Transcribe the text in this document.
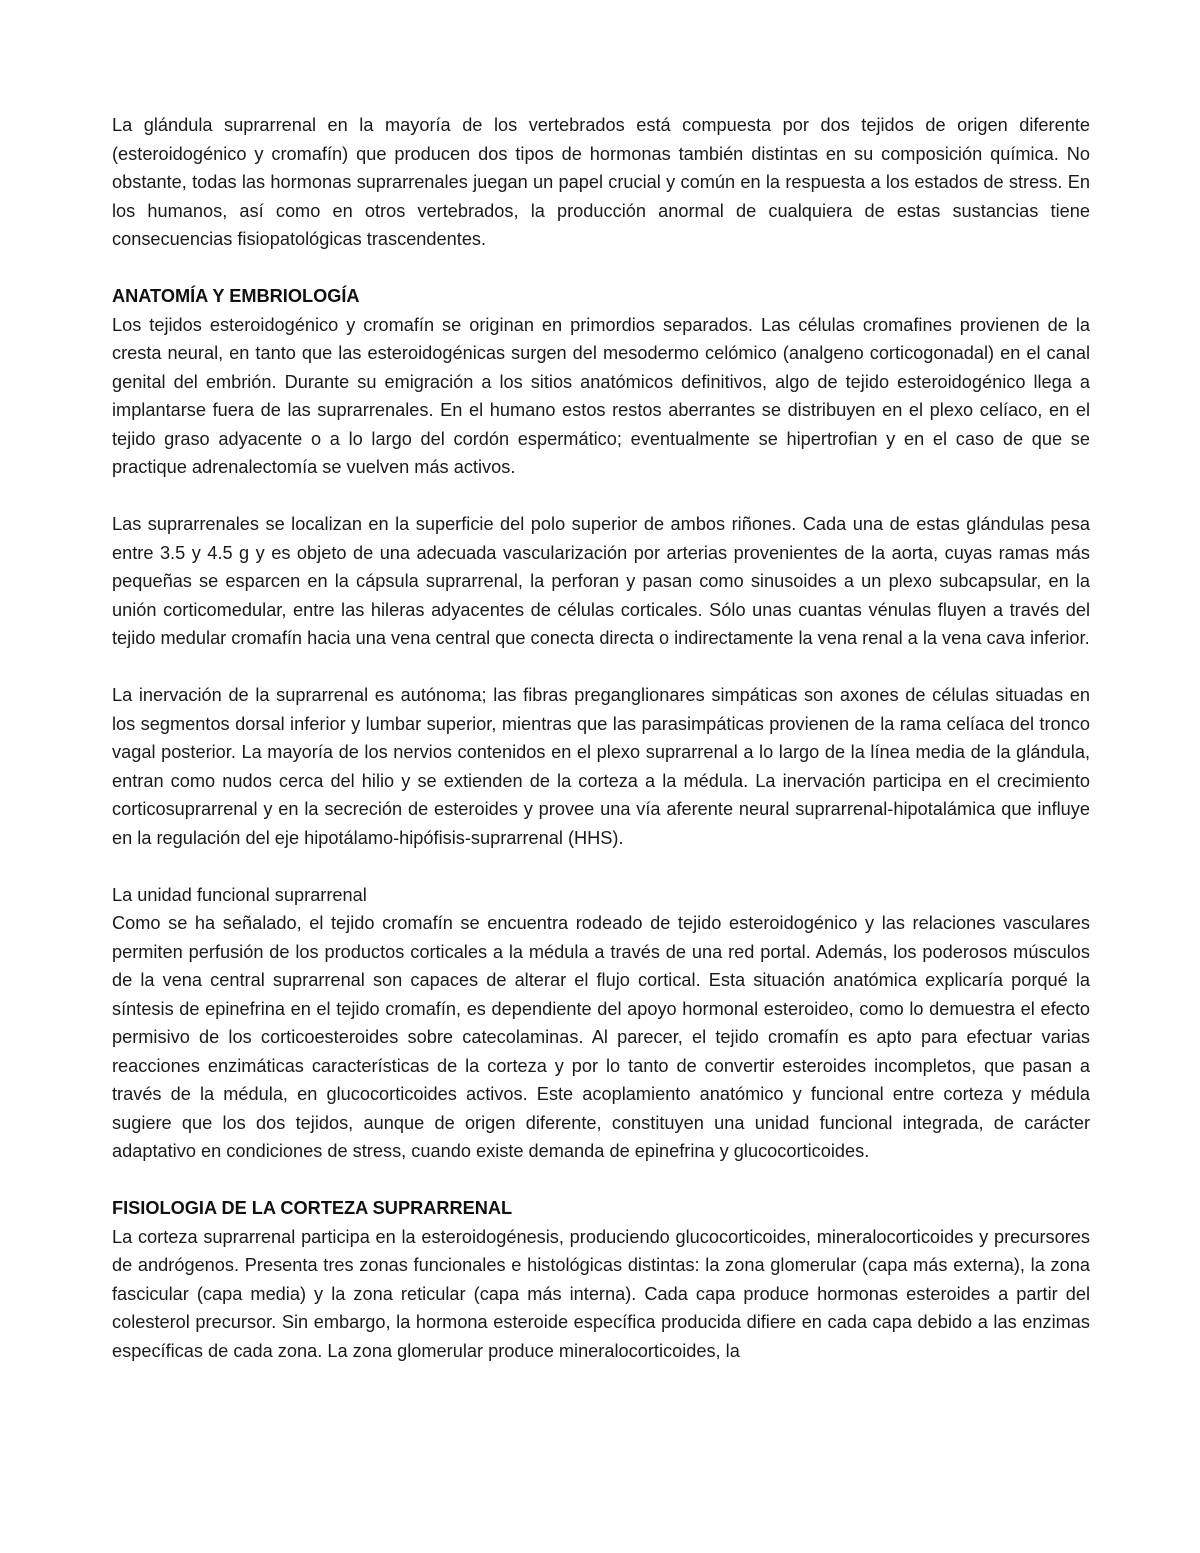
La glándula suprarrenal en la mayoría de los vertebrados está compuesta por dos tejidos de origen diferente (esteroidogénico y cromafín) que producen dos tipos de hormonas también distintas en su composición química. No obstante, todas las hormonas suprarrenales juegan un papel crucial y común en la respuesta a los estados de stress. En los humanos, así como en otros vertebrados, la producción anormal de cualquiera de estas sustancias tiene consecuencias fisiopatológicas trascendentes.

ANATOMÍA Y EMBRIOLOGÍA

Los tejidos esteroidogénico y cromafín se originan en primordios separados. Las células cromafines provienen de la cresta neural, en tanto que las esteroidogénicas surgen del mesodermo celómico (analgeno corticogonadal) en el canal genital del embrión. Durante su emigración a los sitios anatómicos definitivos, algo de tejido esteroidogénico llega a implantarse fuera de las suprarrenales. En el humano estos restos aberrantes se distribuyen en el plexo celíaco, en el tejido graso adyacente o a lo largo del cordón espermático; eventualmente se hipertrofian y en el caso de que se practique adrenalectomía se vuelven más activos.

Las suprarrenales se localizan en la superficie del polo superior de ambos riñones. Cada una de estas glándulas pesa entre 3.5 y 4.5 g y es objeto de una adecuada vascularización por arterias provenientes de la aorta, cuyas ramas más pequeñas se esparcen en la cápsula suprarrenal, la perforan y pasan como sinusoides a un plexo subcapsular, en la unión corticomedular, entre las hileras adyacentes de células corticales. Sólo unas cuantas vénulas fluyen a través del tejido medular cromafín hacia una vena central que conecta directa o indirectamente la vena renal a la vena cava inferior.

La inervación de la suprarrenal es autónoma; las fibras preganglionares simpáticas son axones de células situadas en los segmentos dorsal inferior y lumbar superior, mientras que las parasimpáticas provienen de la rama celíaca del tronco vagal posterior. La mayoría de los nervios contenidos en el plexo suprarrenal a lo largo de la línea media de la glándula, entran como nudos cerca del hilio y se extienden de la corteza a la médula. La inervación participa en el crecimiento corticosuprarrenal y en la secreción de esteroides y provee una vía aferente neural suprarrenal-hipotalámica que influye en la regulación del eje hipotálamo-hipófisis-suprarrenal (HHS).

La unidad funcional suprarrenal

Como se ha señalado, el tejido cromafín se encuentra rodeado de tejido esteroidogénico y las relaciones vasculares permiten perfusión de los productos corticales a la médula a través de una red portal. Además, los poderosos músculos de la vena central suprarrenal son capaces de alterar el flujo cortical. Esta situación anatómica explicaría porqué la síntesis de epinefrina en el tejido cromafín, es dependiente del apoyo hormonal esteroideo, como lo demuestra el efecto permisivo de los corticoesteroides sobre catecolaminas. Al parecer, el tejido cromafín es apto para efectuar varias reacciones enzimáticas características de la corteza y por lo tanto de convertir esteroides incompletos, que pasan a través de la médula, en glucocorticoides activos. Este acoplamiento anatómico y funcional entre corteza y médula sugiere que los dos tejidos, aunque de origen diferente, constituyen una unidad funcional integrada, de carácter adaptativo en condiciones de stress, cuando existe demanda de epinefrina y glucocorticoides.

FISIOLOGIA DE LA CORTEZA SUPRARRENAL

La corteza suprarrenal participa en la esteroidogénesis, produciendo glucocorticoides, mineralocorticoides y precursores de andrógenos. Presenta tres zonas funcionales e histológicas distintas: la zona glomerular (capa más externa), la zona fascicular (capa media) y la zona reticular (capa más interna). Cada capa produce hormonas esteroides a partir del colesterol precursor. Sin embargo, la hormona esteroide específica producida difiere en cada capa debido a las enzimas específicas de cada zona. La zona glomerular produce mineralocorticoides, la
